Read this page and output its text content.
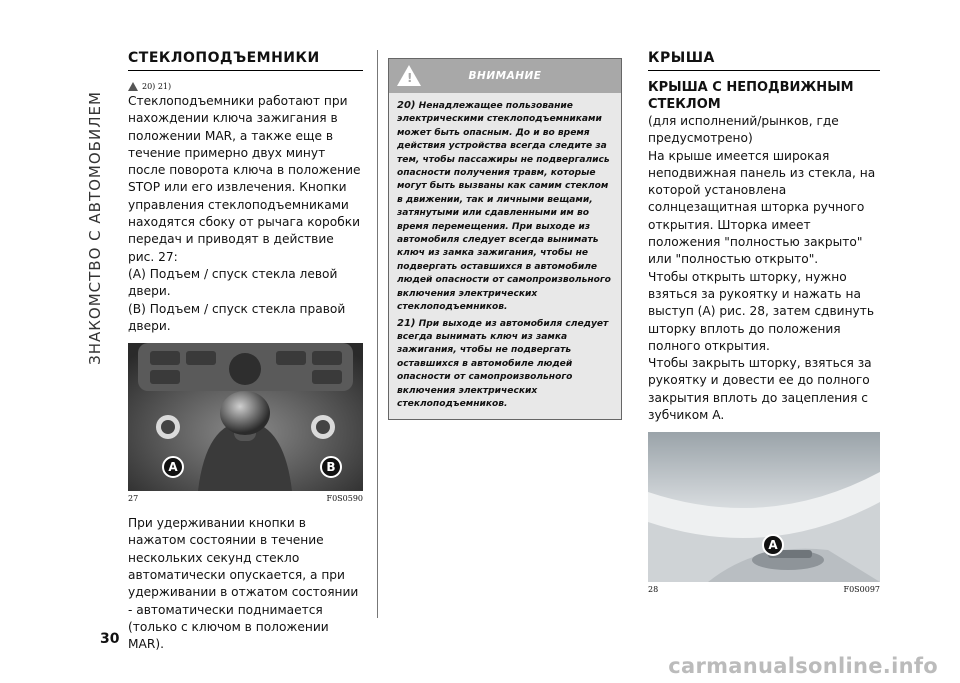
ЗНАКОМСТВО С АВТОМОБИЛЕМ
СТЕКЛОПОДЪЕМНИКИ
20) 21)

Стеклоподъемники работают при нахождении ключа зажигания в положении MAR, а также еще в течение примерно двух минут после поворота ключа в положение STOP или его извлечения. Кнопки управления стеклоподъемниками находятся сбоку от рычага коробки передач и приводят в действие рис. 27:

(A) Подъем / спуск стекла левой двери.

(B) Подъем / спуск стекла правой двери.

A	B
27	F0S0590

При удерживании кнопки в нажатом состоянии в течение нескольких секунд стекло автоматически опускается, а при удерживании в отжатом состоянии - автоматически поднимается (только с ключом в положении MAR).

!
ВНИМАНИЕ

20) Ненадлежащее пользование электрическими стеклоподъемниками может быть опасным. До и во время действия устройства всегда следите за тем, чтобы пассажиры не подвергались опасности получения травм, которые могут быть вызваны как самим стеклом в движении, так и личными вещами, затянутыми или сдавленными им во время перемещения. При выходе из автомобиля следует всегда вынимать ключ из замка зажигания, чтобы не подвергать оставшихся в автомобиле людей опасности от самопроизвольного включения электрических стеклоподъемников.

21) При выходе из автомобиля следует всегда вынимать ключ из замка зажигания, чтобы не подвергать оставшихся в автомобиле людей опасности от самопроизвольного включения электрических стеклоподъемников.

КРЫША
КРЫША С НЕПОДВИЖНЫМ СТЕКЛОМ

(для исполнений/рынков, где предусмотрено)

На крыше имеется широкая неподвижная панель из стекла, на которой установлена солнцезащитная шторка ручного открытия. Шторка имеет положения "полностью закрыто" или "полностью открыто".

Чтобы открыть шторку, нужно взяться за рукоятку и нажать на выступ (A) рис. 28, затем сдвинуть шторку вплоть до положения полного открытия.

Чтобы закрыть шторку, взяться за рукоятку и довести ее до полного закрытия вплоть до зацепления с зубчиком A.

A
28	F0S0097
30
carmanualsonline.info
